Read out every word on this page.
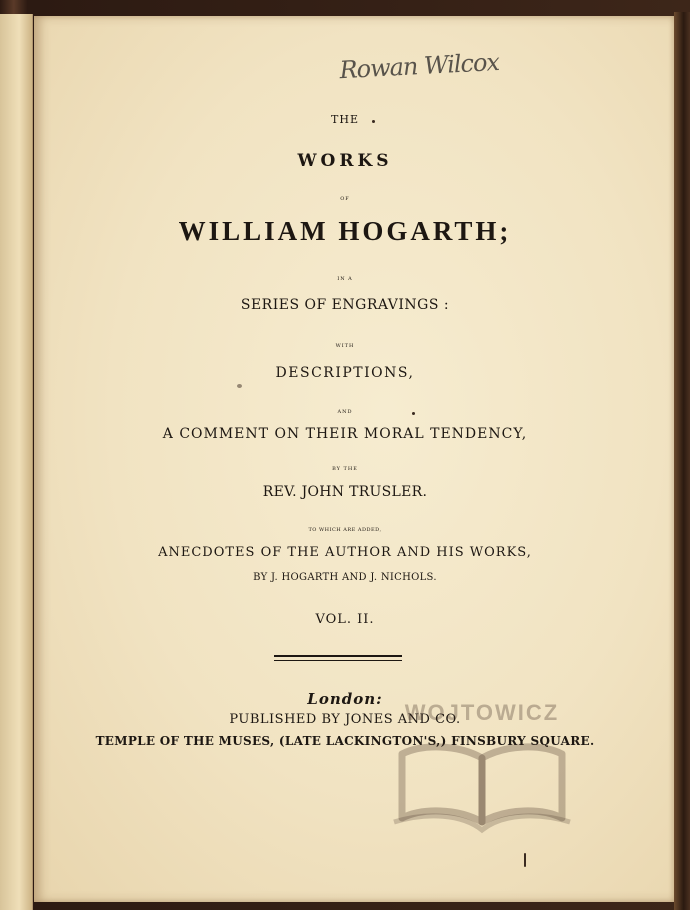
Rowan Wilcox
THE
WORKS
OF
WILLIAM HOGARTH;
IN A
SERIES OF ENGRAVINGS :
WITH
DESCRIPTIONS,
AND
A COMMENT ON THEIR MORAL TENDENCY,
BY THE
REV. JOHN TRUSLER.
TO WHICH ARE ADDED,
ANECDOTES OF THE AUTHOR AND HIS WORKS,
BY J. HOGARTH AND J. NICHOLS.
VOL. II.
London:
PUBLISHED BY JONES AND CO.
TEMPLE OF THE MUSES, (LATE LACKINGTON'S,) FINSBURY SQUARE.
WOJTOWICZ
